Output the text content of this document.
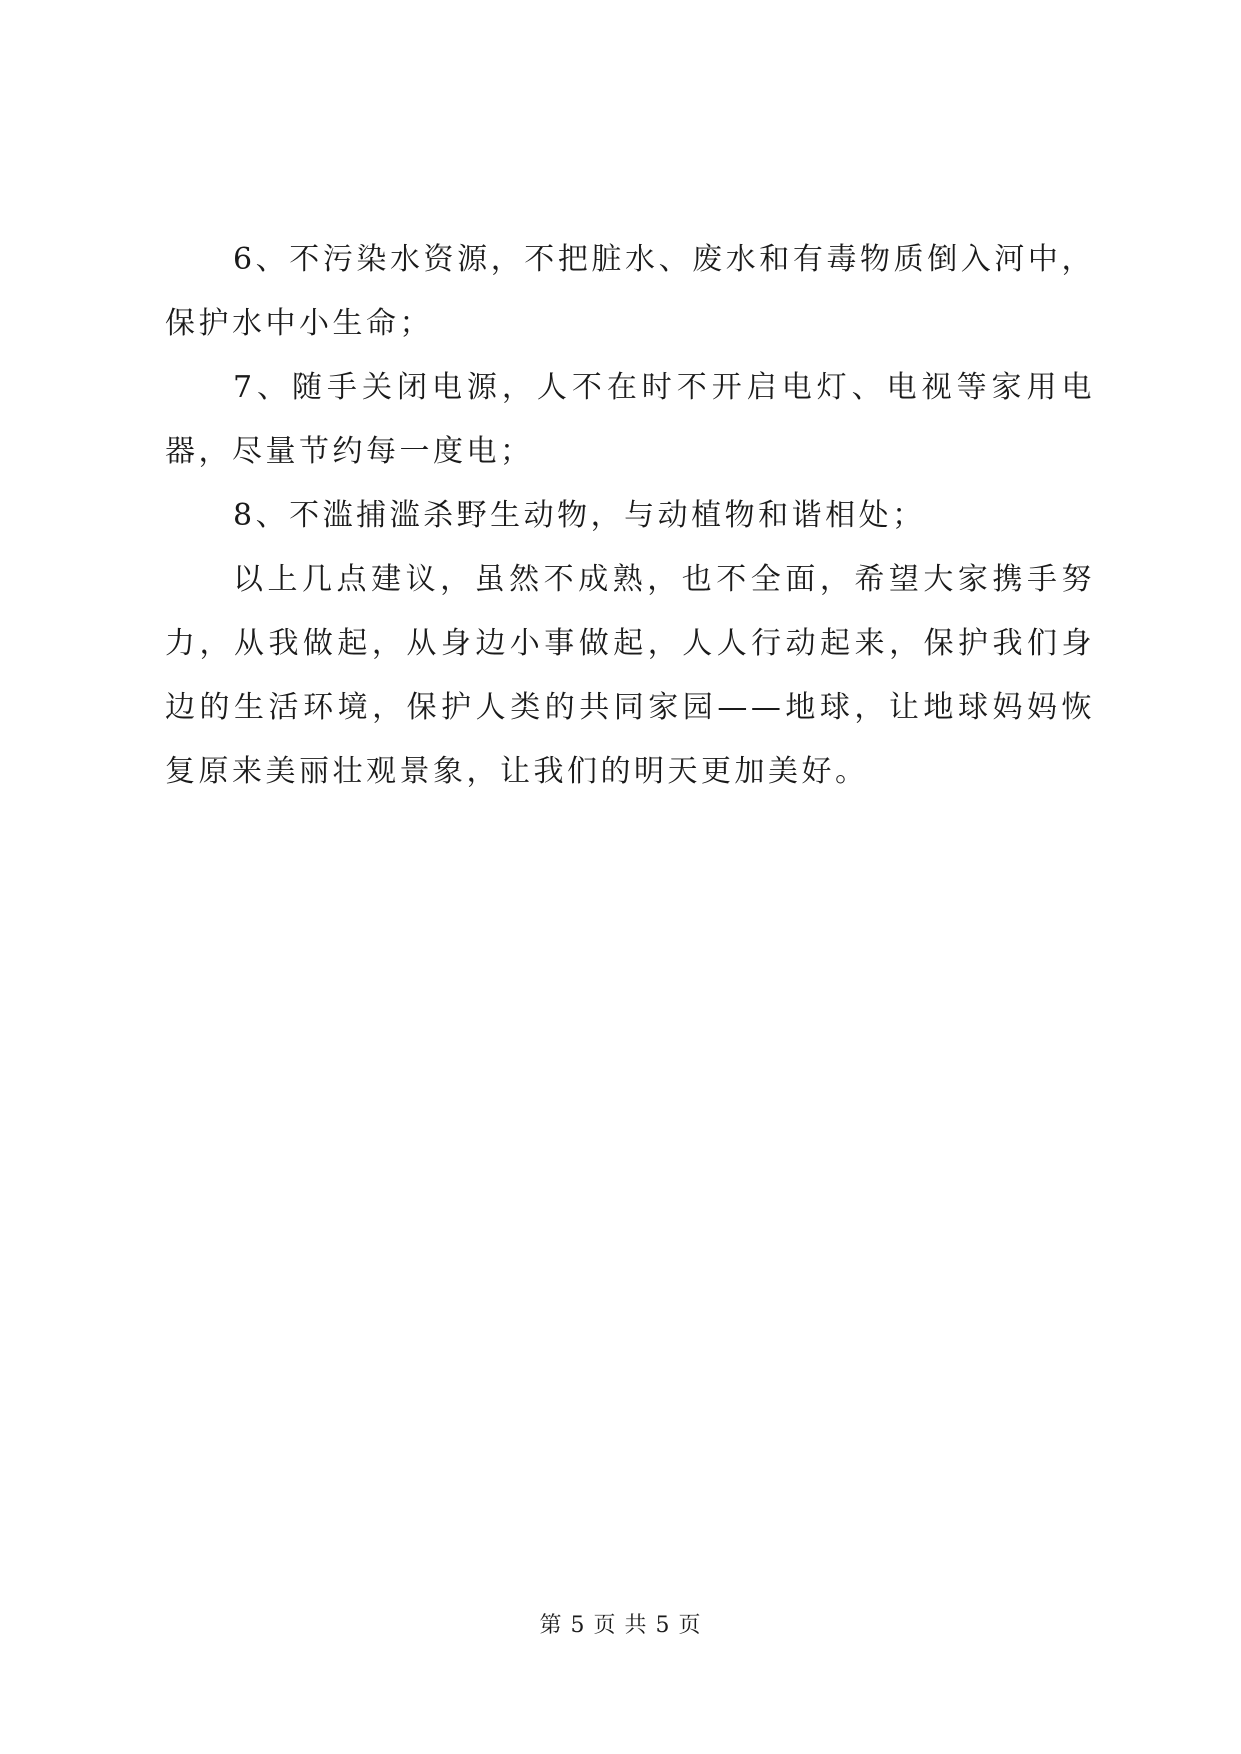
6、不污染水资源，不把脏水、废水和有毒物质倒入河中，保护水中小生命；

7、随手关闭电源，人不在时不开启电灯、电视等家用电器，尽量节约每一度电；

8、不滥捕滥杀野生动物，与动植物和谐相处；

以上几点建议，虽然不成熟，也不全面，希望大家携手努力，从我做起，从身边小事做起，人人行动起来，保护我们身边的生活环境，保护人类的共同家园——地球，让地球妈妈恢复原来美丽壮观景象，让我们的明天更加美好。

第 5 页 共 5 页
